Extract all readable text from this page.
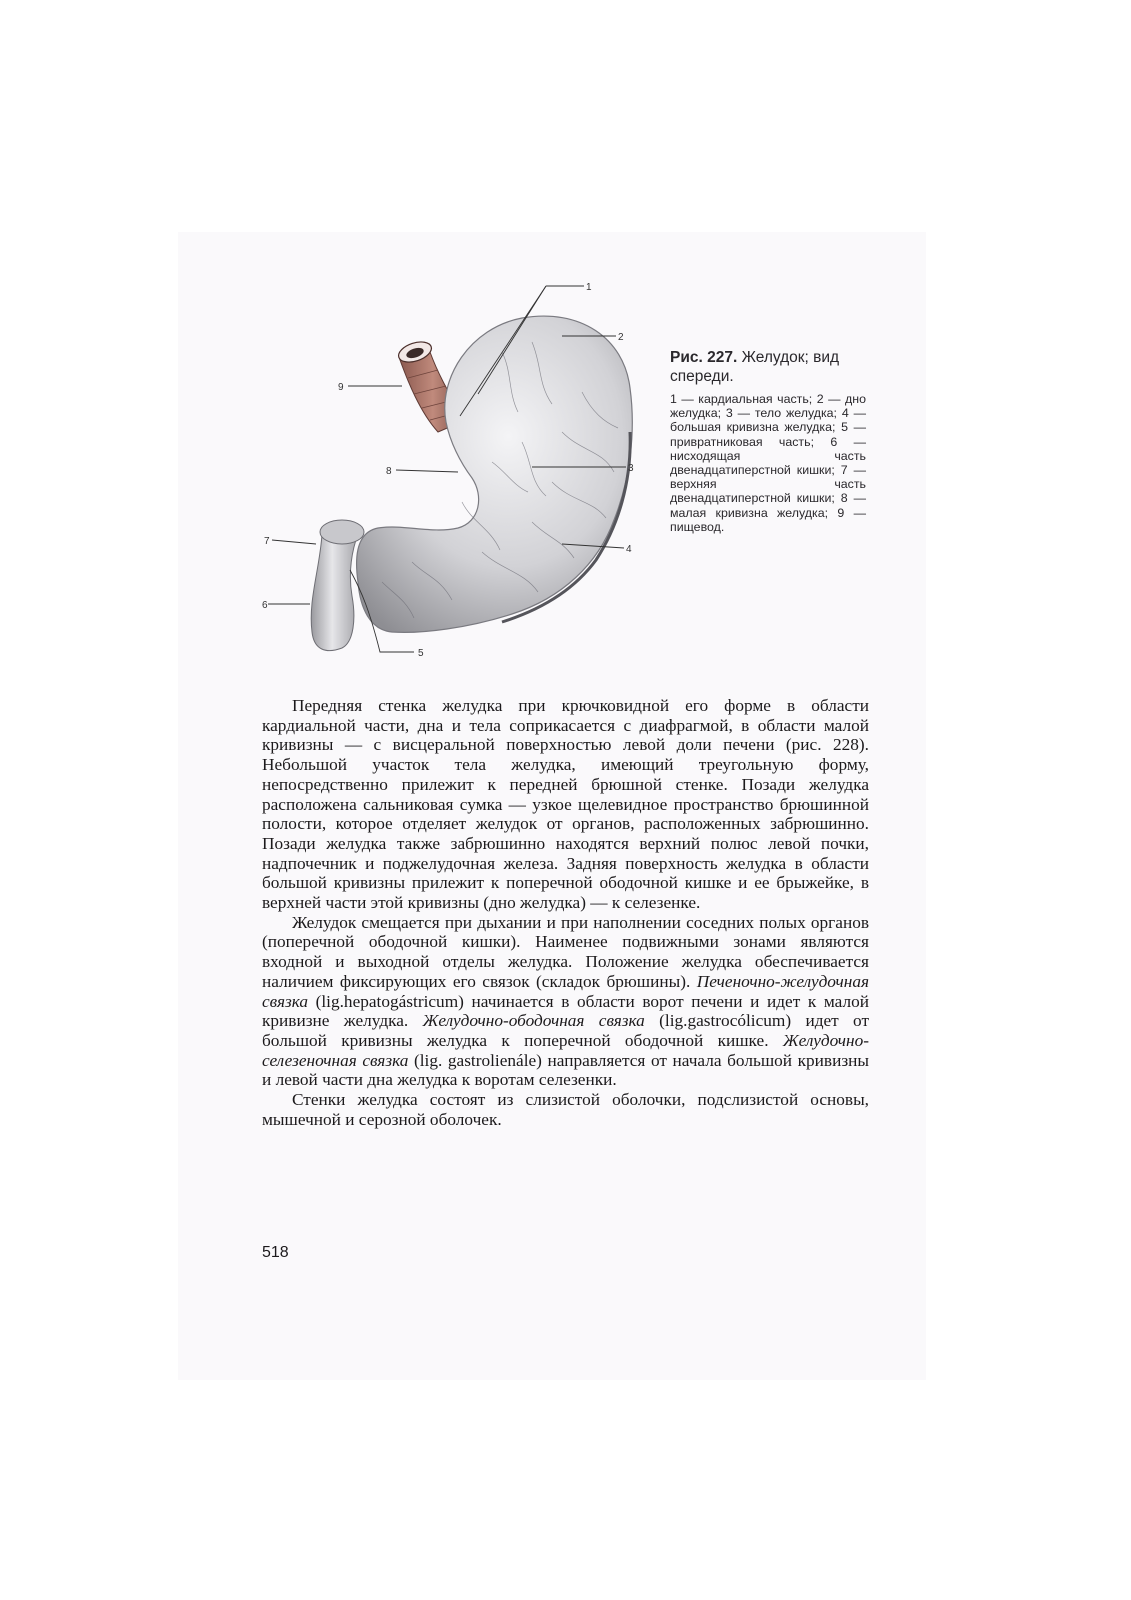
1
2
3
4
5
6
7
8
9
Рис. 227. Желудок; вид спереди.
1 — кардиальная часть; 2 — дно желудка; 3 — тело желудка; 4 — большая кривизна желудка; 5 — привратниковая часть; 6 — нисходящая часть двенадцатиперстной кишки; 7 — верхняя часть двенадцатиперстной кишки; 8 — малая кривизна желудка; 9 — пищевод.

Передняя стенка желудка при крючковидной его форме в области кардиальной части, дна и тела соприкасается с диафрагмой, в области малой кривизны — с висцеральной поверхностью левой доли печени (рис. 228). Небольшой участок тела желудка, имеющий треугольную форму, непосредственно прилежит к передней брюшной стенке. Позади желудка расположена сальниковая сумка — узкое щелевидное пространство брюшинной полости, которое отделяет желудок от органов, расположенных забрюшинно. Позади желудка также забрюшинно находятся верхний полюс левой почки, надпочечник и поджелудочная железа. Задняя поверхность желудка в области большой кривизны прилежит к поперечной ободочной кишке и ее брыжейке, в верхней части этой кривизны (дно желудка) — к селезенке.

Желудок смещается при дыхании и при наполнении соседних полых органов (поперечной ободочной кишки). Наименее подвижными зонами являются входной и выходной отделы желудка. Положение желудка обеспечивается наличием фиксирующих его связок (складок брюшины). Печеночно-желудочная связка (lig.hepatogástricum) начинается в области ворот печени и идет к малой кривизне желудка. Желудочно-ободочная связка (lig.gastrocólicum) идет от большой кривизны желудка к поперечной ободочной кишке. Желудочно-селезеночная связка (lig. gastrolienále) направляется от начала большой кривизны и левой части дна желудка к воротам селезенки.

Стенки желудка состоят из слизистой оболочки, подслизистой основы, мышечной и серозной оболочек.

518
